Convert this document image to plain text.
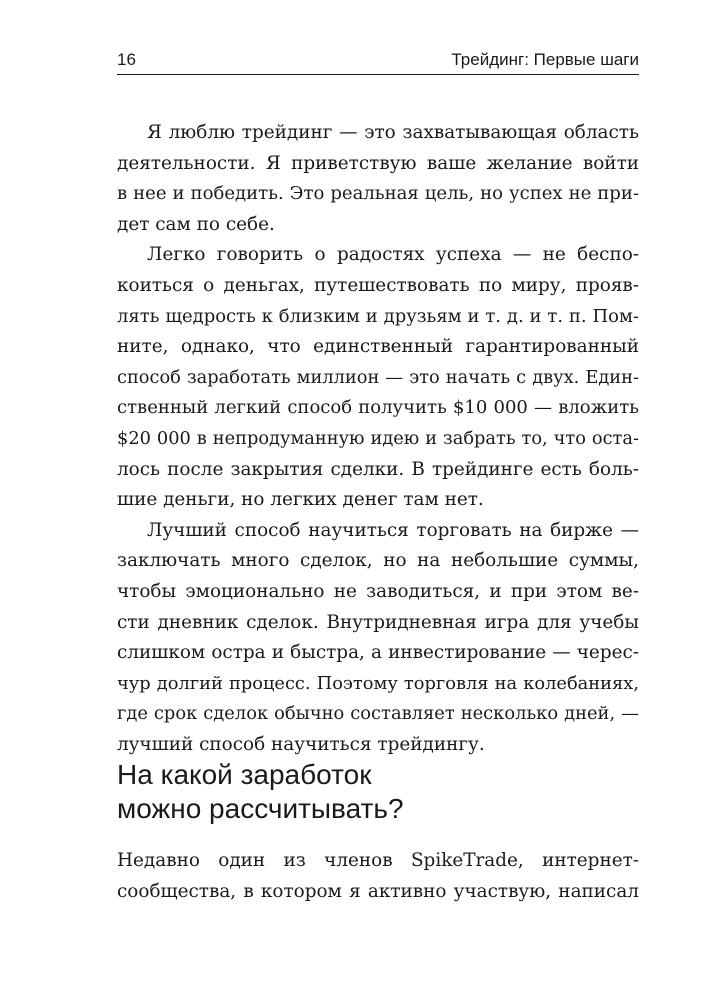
16	Трейдинг: Первые шаги
Я люблю трейдинг — это захватывающая область
деятельности. Я приветствую ваше желание войти
в нее и победить. Это реальная цель, но успех не при-
дет сам по себе.
Легко говорить о радостях успеха — не беспо-
коиться о деньгах, путешествовать по миру, прояв-
лять щедрость к близким и друзьям и т. д. и т. п. Пом-
ните, однако, что единственный гарантированный
способ заработать миллион — это начать с двух. Един-
ственный легкий способ получить $10 000 — вложить
$20 000 в непродуманную идею и забрать то, что оста-
лось после закрытия сделки. В трейдинге есть боль-
шие деньги, но легких денег там нет.
Лучший способ научиться торговать на бирже —
заключать много сделок, но на небольшие суммы,
чтобы эмоционально не заводиться, и при этом ве-
сти дневник сделок. Внутридневная игра для учебы
слишком остра и быстра, а инвестирование — черес-
чур долгий процесс. Поэтому торговля на колебаниях,
где срок сделок обычно составляет несколько дней, —
лучший способ научиться трейдингу.
На какой заработок
можно рассчитывать?
Недавно один из членов SpikeTrade, интернет-
сообщества, в котором я активно участвую, написал
